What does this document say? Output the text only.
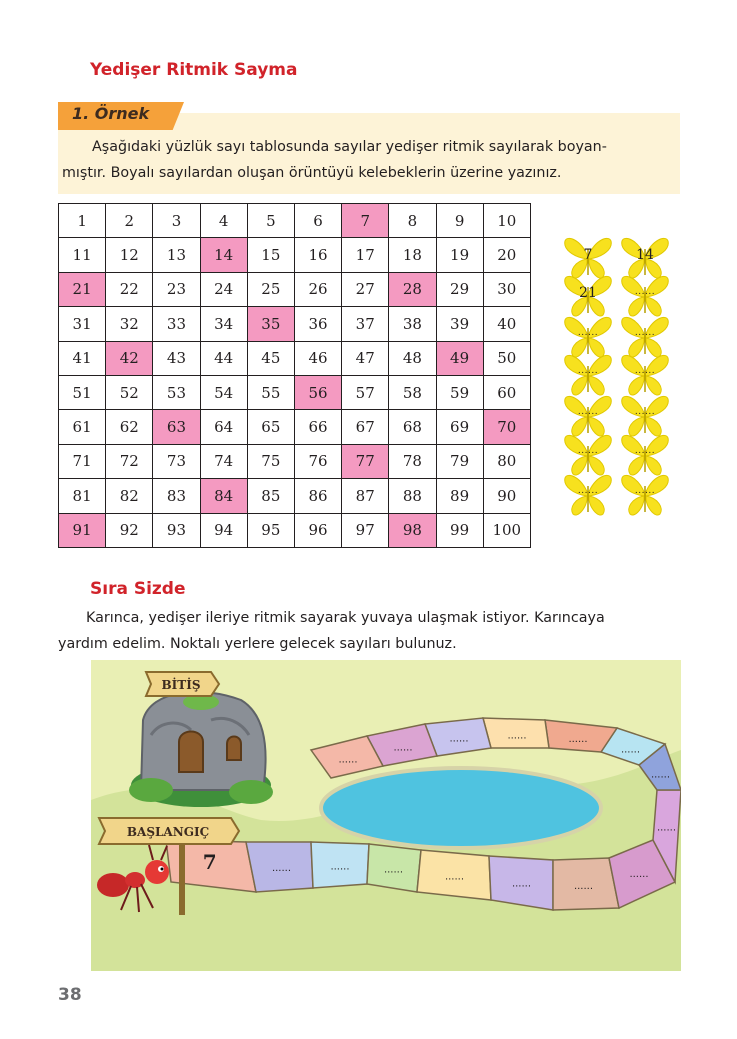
Yedişer Ritmik Sayma
1. Örnek
Aşağıdaki yüzlük sayı tablosunda sayılar yedişer ritmik sayılarak boyan-
mıştır. Boyalı sayılardan oluşan örüntüyü kelebeklerin üzerine yazınız.
1	2	3	4	5	6	7	8	9	10
11	12	13	14	15	16	17	18	19	20
21	22	23	24	25	26	27	28	29	30
31	32	33	34	35	36	37	38	39	40
41	42	43	44	45	46	47	48	49	50
51	52	53	54	55	56	57	58	59	60
61	62	63	64	65	66	67	68	69	70
71	72	73	74	75	76	77	78	79	80
81	82	83	84	85	86	87	88	89	90
91	92	93	94	95	96	97	98	99	100
7	14
21	......
......	......
......	......
......	......
......	......
......	......
Sıra Sizde
Karınca, yedişer ileriye ritmik sayarak yuvaya ulaşmak istiyor. Karıncaya
yardım edelim. Noktalı yerlere gelecek sayıları bulunuz.
7	......	......	......
......
......	......
......
......
......
......
......
......
......
......
......
BİTİŞ
BAŞLANGIÇ
38
